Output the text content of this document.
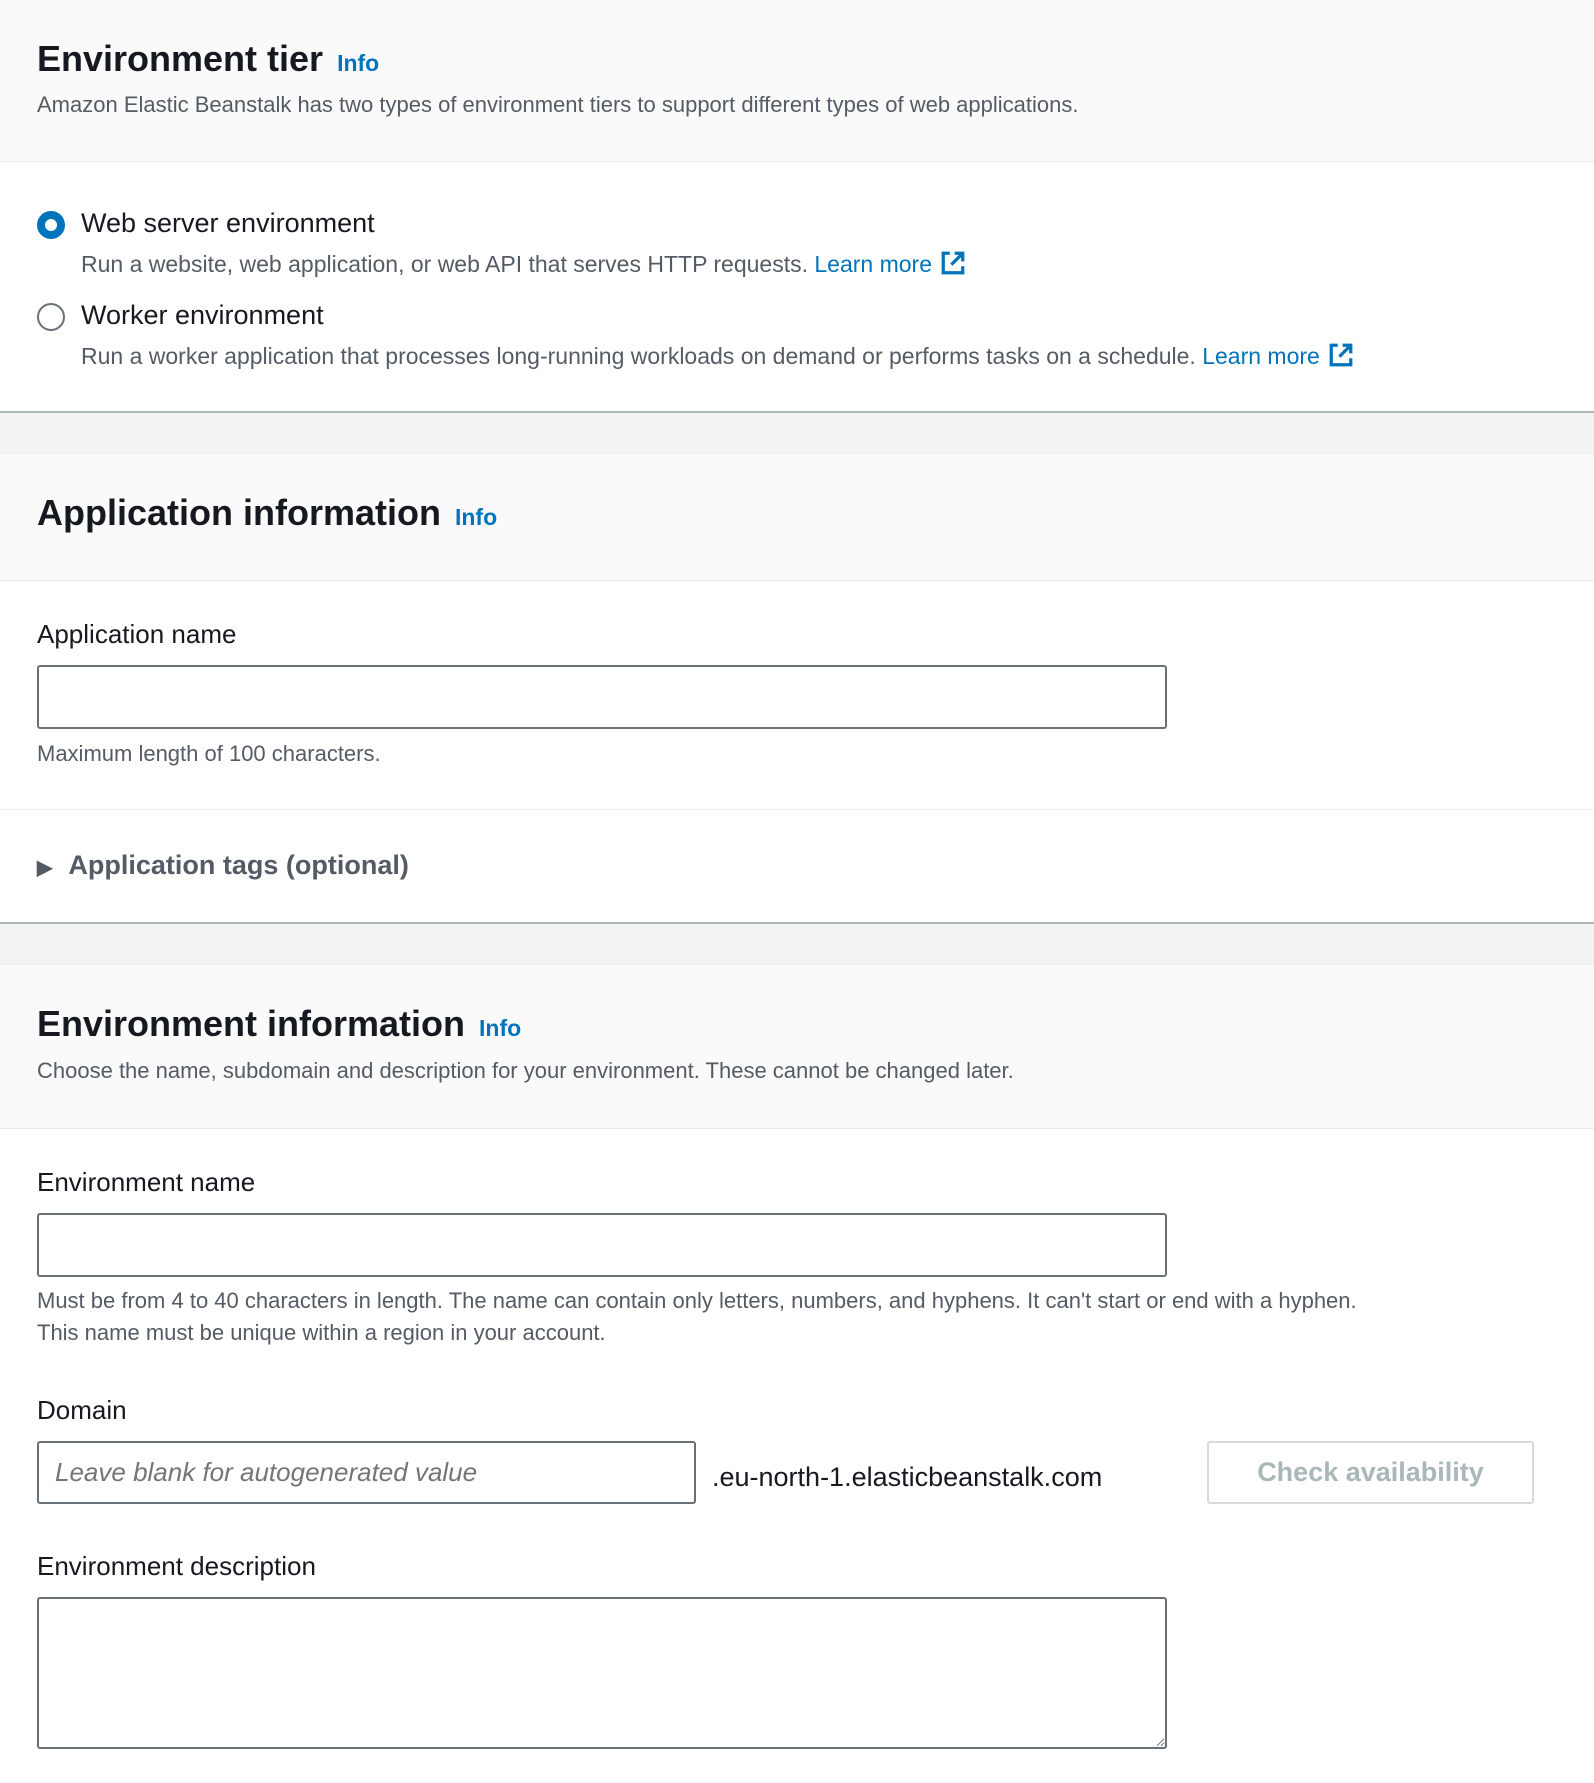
Environment tier Info
Amazon Elastic Beanstalk has two types of environment tiers to support different types of web applications.
Web server environment
Run a website, web application, or web API that serves HTTP requests. Learn more
Worker environment
Run a worker application that processes long-running workloads on demand or performs tasks on a schedule. Learn more
Application information Info
Application name
Maximum length of 100 characters.
▶ Application tags (optional)
Environment information Info
Choose the name, subdomain and description for your environment. These cannot be changed later.
Environment name
Must be from 4 to 40 characters in length. The name can contain only letters, numbers, and hyphens. It can't start or end with a hyphen.
This name must be unique within a region in your account.
Domain
Leave blank for autogenerated value
.eu-north-1.elasticbeanstalk.com	Check availability
Environment description
